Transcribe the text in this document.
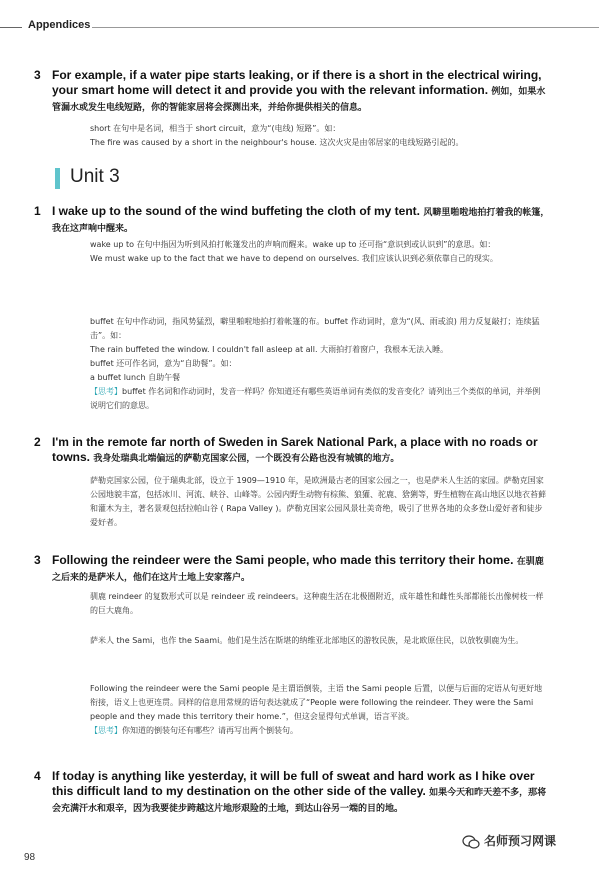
Appendices
3 For example, if a water pipe starts leaking, or if there is a short in the electrical wiring, your smart home will detect it and provide you with the relevant information. 例如，如果水管漏水或发生电线短路，你的智能家居将会探测出来，并给你提供相关的信息。

short 在句中是名词，相当于 short circuit，意为“(电线) 短路”。如：

The fire was caused by a short in the neighbour's house. 这次火灾是由邻居家的电线短路引起的。

Unit 3
1 I wake up to the sound of the wind buffeting the cloth of my tent. 风噼里啪啦地拍打着我的帐篷，我在这声响中醒来。

wake up to 在句中指因为听到风拍打帐篷发出的声响而醒来。wake up to 还可指“意识到或认识到”的意思。如：

We must wake up to the fact that we have to depend on ourselves. 我们应该认识到必须依靠自己的现实。

buffet 在句中作动词，指风势猛烈，噼里啪啦地拍打着帐篷的布。buffet 作动词时，意为“(风、雨或浪) 用力反复敲打；连续猛击”。如：

The rain buffeted the window. I couldn't fall asleep at all. 大雨拍打着窗户，我根本无法入睡。

buffet 还可作名词，意为“自助餐”。如：

a buffet lunch 自助午餐

【思考】buffet 作名词和作动词时，发音一样吗？你知道还有哪些英语单词有类似的发音变化？请列出三个类似的单词，并举例说明它们的意思。

2 I'm in the remote far north of Sweden in Sarek National Park, a place with no roads or towns. 我身处瑞典北端偏远的萨勒克国家公园，一个既没有公路也没有城镇的地方。

萨勒克国家公园，位于瑞典北部，设立于 1909—1910 年，是欧洲最古老的国家公园之一，也是萨米人生活的家园。萨勒克国家公园地貌丰富，包括冰川、河流、峡谷、山峰等。公园内野生动物有棕熊、狼獾、驼鹿、猞猁等，野生植物在高山地区以地衣苔藓和灌木为主，著名景观包括拉帕山谷 ( Rapa Valley )。萨勒克国家公园风景壮美奇绝，吸引了世界各地的众多登山爱好者和徒步爱好者。

3 Following the reindeer were the Sami people, who made this territory their home. 在驯鹿之后来的是萨米人，他们在这片土地上安家落户。

驯鹿 reindeer 的复数形式可以是 reindeer 或 reindeers。这种鹿生活在北极圈附近，成年雄性和雌性头部都能长出像树枝一样的巨大鹿角。

萨米人 the Sami，也作 the Saami。他们是生活在斯堪的纳维亚北部地区的游牧民族，是北欧原住民，以放牧驯鹿为生。

Following the reindeer were the Sami people 是主谓语倒装，主语 the Sami people 后置，以便与后面的定语从句更好地衔接，语义上也更连贯。同样的信息用常规的语句表达就成了“People were following the reindeer. They were the Sami people and they made this territory their home.”，但这会显得句式单调，语言平淡。

【思考】你知道的倒装句还有哪些？请再写出两个倒装句。

4 If today is anything like yesterday, it will be full of sweat and hard work as I hike over this difficult land to my destination on the other side of the valley. 如果今天和昨天差不多，那将会充满汗水和艰辛，因为我要徒步跨越这片地形艰险的土地，到达山谷另一端的目的地。
98
名师预习网课
